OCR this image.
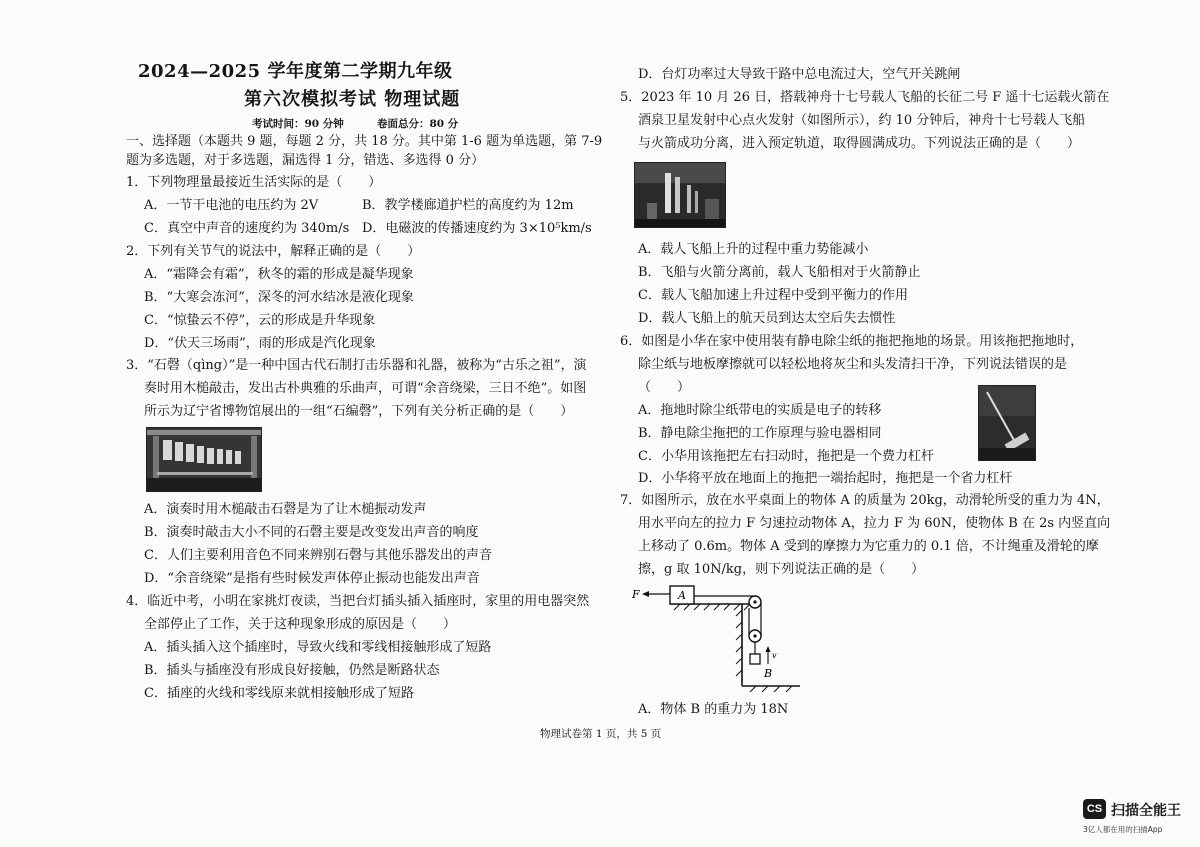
2024—2025 学年度第二学期九年级
第六次模拟考试 物理试题
考试时间：90 分钟	卷面总分：80 分
一、选择题（本题共 9 题，每题 2 分，共 18 分。其中第 1-6 题为单选题，第 7-9
题为多选题，对于多选题，漏选得 1 分，错选、多选得 0 分）
1．下列物理量最接近生活实际的是（　　）
A．一节干电池的电压约为 2V	B．教学楼廊道护栏的高度约为 12m
C．真空中声音的速度约为 340m/s D．电磁波的传播速度约为 3×10⁵km/s
2．下列有关节气的说法中，解释正确的是（　　）
A．“霜降会有霜”，秋冬的霜的形成是凝华现象
B．“大寒会冻河”，深冬的河水结冰是液化现象
C．“惊蛰云不停”，云的形成是升华现象
D．“伏天三场雨”，雨的形成是汽化现象
3．“石磬（qìng）”是一种中国古代石制打击乐器和礼器，被称为“古乐之祖”，演
奏时用木槌敲击，发出古朴典雅的乐曲声，可谓“余音绕梁，三日不绝”。如图
所示为辽宁省博物馆展出的一组“石编磬”，下列有关分析正确的是（　　）
A．演奏时用木槌敲击石磬是为了让木槌振动发声
B．演奏时敲击大小不同的石磬主要是改变发出声音的响度
C．人们主要利用音色不同来辨别石磬与其他乐器发出的声音
D．“余音绕梁”是指有些时候发声体停止振动也能发出声音
4．临近中考，小明在家挑灯夜读，当把台灯插头插入插座时，家里的用电器突然
全部停止了工作，关于这种现象形成的原因是（　　）
A．插头插入这个插座时，导致火线和零线相接触形成了短路
B．插头与插座没有形成良好接触，仍然是断路状态
C．插座的火线和零线原来就相接触形成了短路
D．台灯功率过大导致干路中总电流过大，空气开关跳闸
5．2023 年 10 月 26 日，搭载神舟十七号载人飞船的长征二号 F 遥十七运载火箭在
酒泉卫星发射中心点火发射（如图所示），约 10 分钟后，神舟十七号载人飞船
与火箭成功分离，进入预定轨道，取得圆满成功。下列说法正确的是（　　）
A．载人飞船上升的过程中重力势能减小
B．飞船与火箭分离前，载人飞船相对于火箭静止
C．载人飞船加速上升过程中受到平衡力的作用
D．载人飞船上的航天员到达太空后失去惯性
6．如图是小华在家中使用装有静电除尘纸的拖把拖地的场景。用该拖把拖地时，
除尘纸与地板摩擦就可以轻松地将灰尘和头发清扫干净，下列说法错误的是
（　　）
A．拖地时除尘纸带电的实质是电子的转移
B．静电除尘拖把的工作原理与验电器相同
C．小华用该拖把左右扫动时，拖把是一个费力杠杆
D．小华将平放在地面上的拖把一端抬起时，拖把是一个省力杠杆
7．如图所示，放在水平桌面上的物体 A 的质量为 20kg，动滑轮所受的重力为 4N，
用水平向左的拉力 F 匀速拉动物体 A，拉力 F 为 60N，使物体 B 在 2s 内竖直向
上移动了 0.6m。物体 A 受到的摩擦力为它重力的 0.1 倍，不计绳重及滑轮的摩
擦，g 取 10N/kg，则下列说法正确的是（　　）
F	A
B
v
A．物体 B 的重力为 18N
物理试卷第 1 页，共 5 页
CS 扫描全能王
3亿人都在用的扫描App
